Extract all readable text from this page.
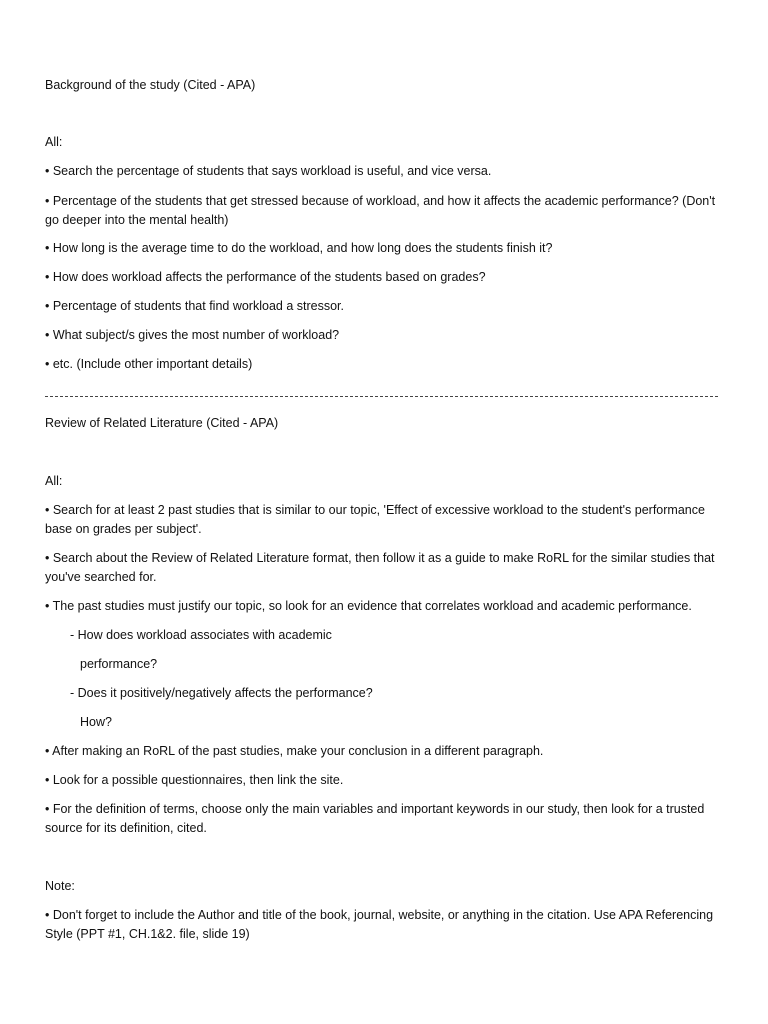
Background of the study (Cited - APA)

All:

• Search the percentage of students that says workload is useful, and vice versa.

• Percentage of the students that get stressed because of workload, and how it affects the academic performance? (Don't go deeper into the mental health)

• How long is the average time to do the workload, and how long does the students finish it?

• How does workload affects the performance of the students based on grades?

• Percentage of students that find workload a stressor.

• What subject/s gives the most number of workload?

• etc. (Include other important details)

Review of Related Literature (Cited - APA)

All:

• Search for at least 2 past studies that is similar to our topic, 'Effect of excessive workload to the student's performance base on grades per subject'.

• Search about the Review of Related Literature format, then follow it as a guide to make RoRL for the similar studies that you've searched for.

• The past studies must justify our topic, so look for an evidence that correlates workload and academic performance.

- How does workload associates with academic

performance?

- Does it positively/negatively affects the performance?

How?

• After making an RoRL of the past studies, make your conclusion in a different paragraph.

• Look for a possible questionnaires, then link the site.

• For the definition of terms, choose only the main variables and important keywords in our study, then look for a trusted source for its definition, cited.

Note:

• Don't forget to include the Author and title of the book, journal, website, or anything in the citation. Use APA Referencing Style (PPT #1, CH.1&2. file, slide 19)
